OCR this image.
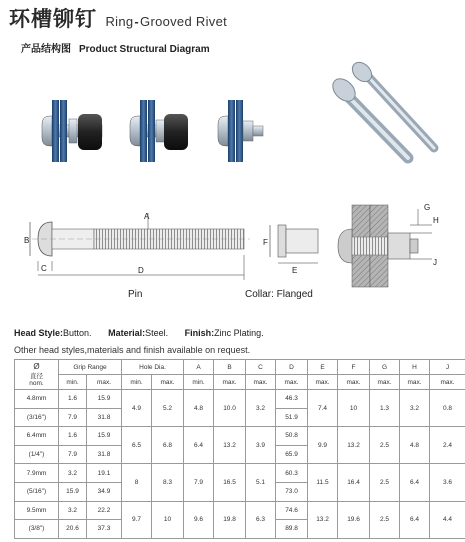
环槽铆钉 Ring-Grooved Rivet
产品结构图 Product Structural Diagram
A
B
C	D
F
E
G
H
J
Pin	Collar: Flanged
Head Style:Button. Material:Steel. Finish:Zinc Plating.
Other head styles,materials and finish available on request.
Ø
直径
nom.	Grip Range		Hole Dia.		A	B	C	D	E	F	G	H	J
	min.	max.	min.	max.	min.	max.	max.	max.	max.	max.	max.	max.	max.
4.8mm	1.6	15.9	4.9	5.2	4.8	10.0	3.2	46.3	7.4	10	1.3	3.2	0.8
(3/16")	7.9	31.8						51.9					
6.4mm	1.6	15.9	6.5	6.8	6.4	13.2	3.9	50.8	9.9	13.2	2.5	4.8	2.4
(1/4")	7.9	31.8						65.9					
7.9mm	3.2	19.1	8	8.3	7.9	16.5	5.1	60.3	11.5	16.4	2.5	6.4	3.6
(5/16")	15.9	34.9						73.0					
9.5mm	3.2	22.2	9.7	10	9.6	19.8	6.3	74.6	13.2	19.6	2.5	6.4	4.4
(3/8")	20.6	37.3						89.8					
